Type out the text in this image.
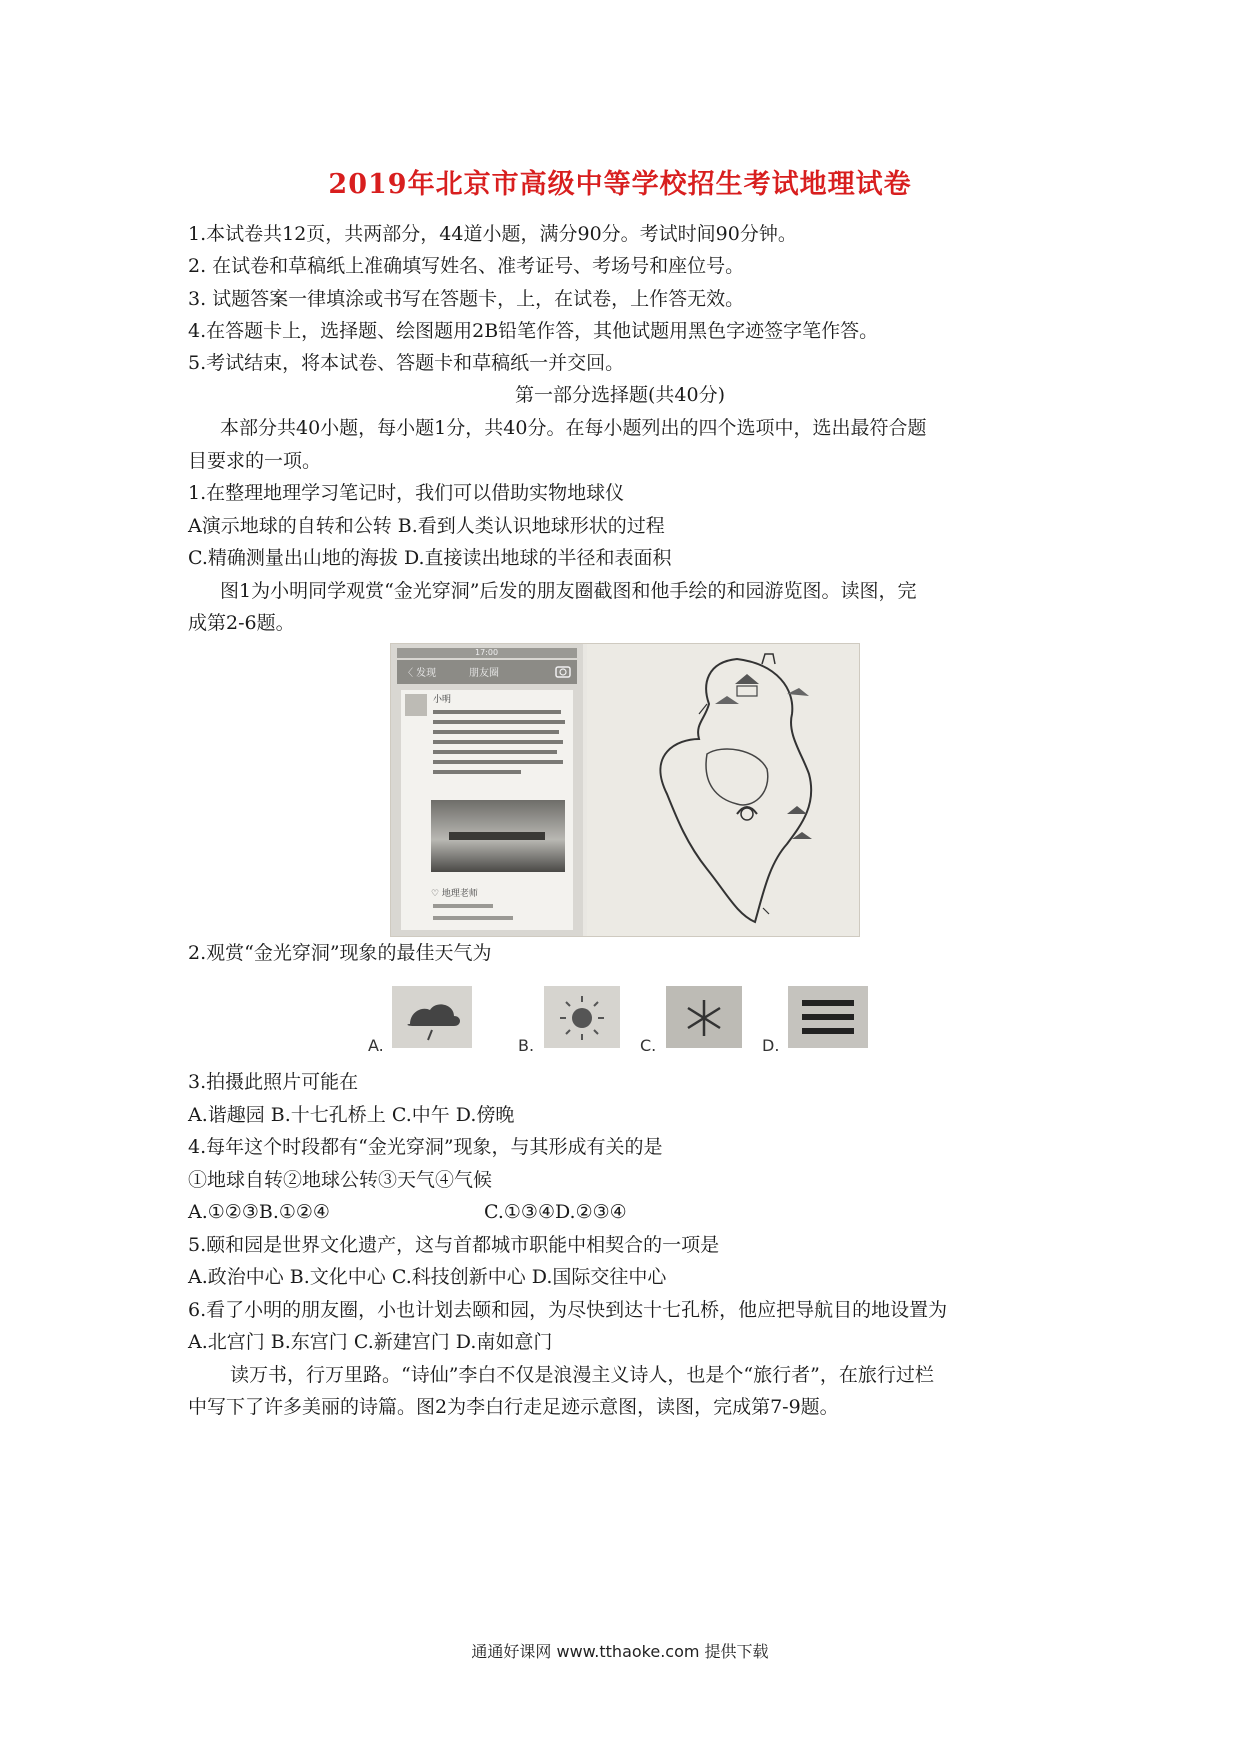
2019年北京市高级中等学校招生考试地理试卷
1.本试卷共12页，共两部分，44道小题，满分90分。考试时间90分钟。
2. 在试卷和草稿纸上准确填写姓名、准考证号、考场号和座位号。
3. 试题答案一律填涂或书写在答题卡，上，在试卷，上作答无效。
4.在答题卡上，选择题、绘图题用2B铅笔作答，其他试题用黑色字迹签字笔作答。
5.考试结束，将本试卷、答题卡和草稿纸一并交回。
第一部分选择题(共40分)
本部分共40小题，每小题1分，共40分。在每小题列出的四个选项中，选出最符合题
目要求的一项。
1.在整理地理学习笔记时，我们可以借助实物地球仪
A演示地球的自转和公转 B.看到人类认识地球形状的过程
C.精确测量出山地的海拔 D.直接读出地球的半径和表面积
图1为小明同学观赏“金光穿洞”后发的朋友圈截图和他手绘的和园游览图。读图，完
成第2-6题。
17:00
〈 发现	朋友圈
小明
♡ 地理老师
2.观赏“金光穿洞”现象的最佳天气为
A.	B.	C.	D.
3.拍摄此照片可能在
A.谐趣园 B.十七孔桥上 C.中午 D.傍晚
4.每年这个时段都有“金光穿洞”现象，与其形成有关的是
①地球自转②地球公转③天气④气候
A.①②③B.①②④	C.①③④D.②③④
5.颐和园是世界文化遗产，这与首都城市职能中相契合的一项是
A.政治中心 B.文化中心 C.科技创新中心 D.国际交往中心
6.看了小明的朋友圈，小也计划去颐和园，为尽快到达十七孔桥，他应把导航目的地设置为
A.北宫门 B.东宫门 C.新建宫门 D.南如意门
读万书，行万里路。“诗仙”李白不仅是浪漫主义诗人，也是个“旅行者”，在旅行过栏
中写下了许多美丽的诗篇。图2为李白行走足迹示意图，读图，完成第7-9题。
通通好课网 www.tthaoke.com 提供下载
